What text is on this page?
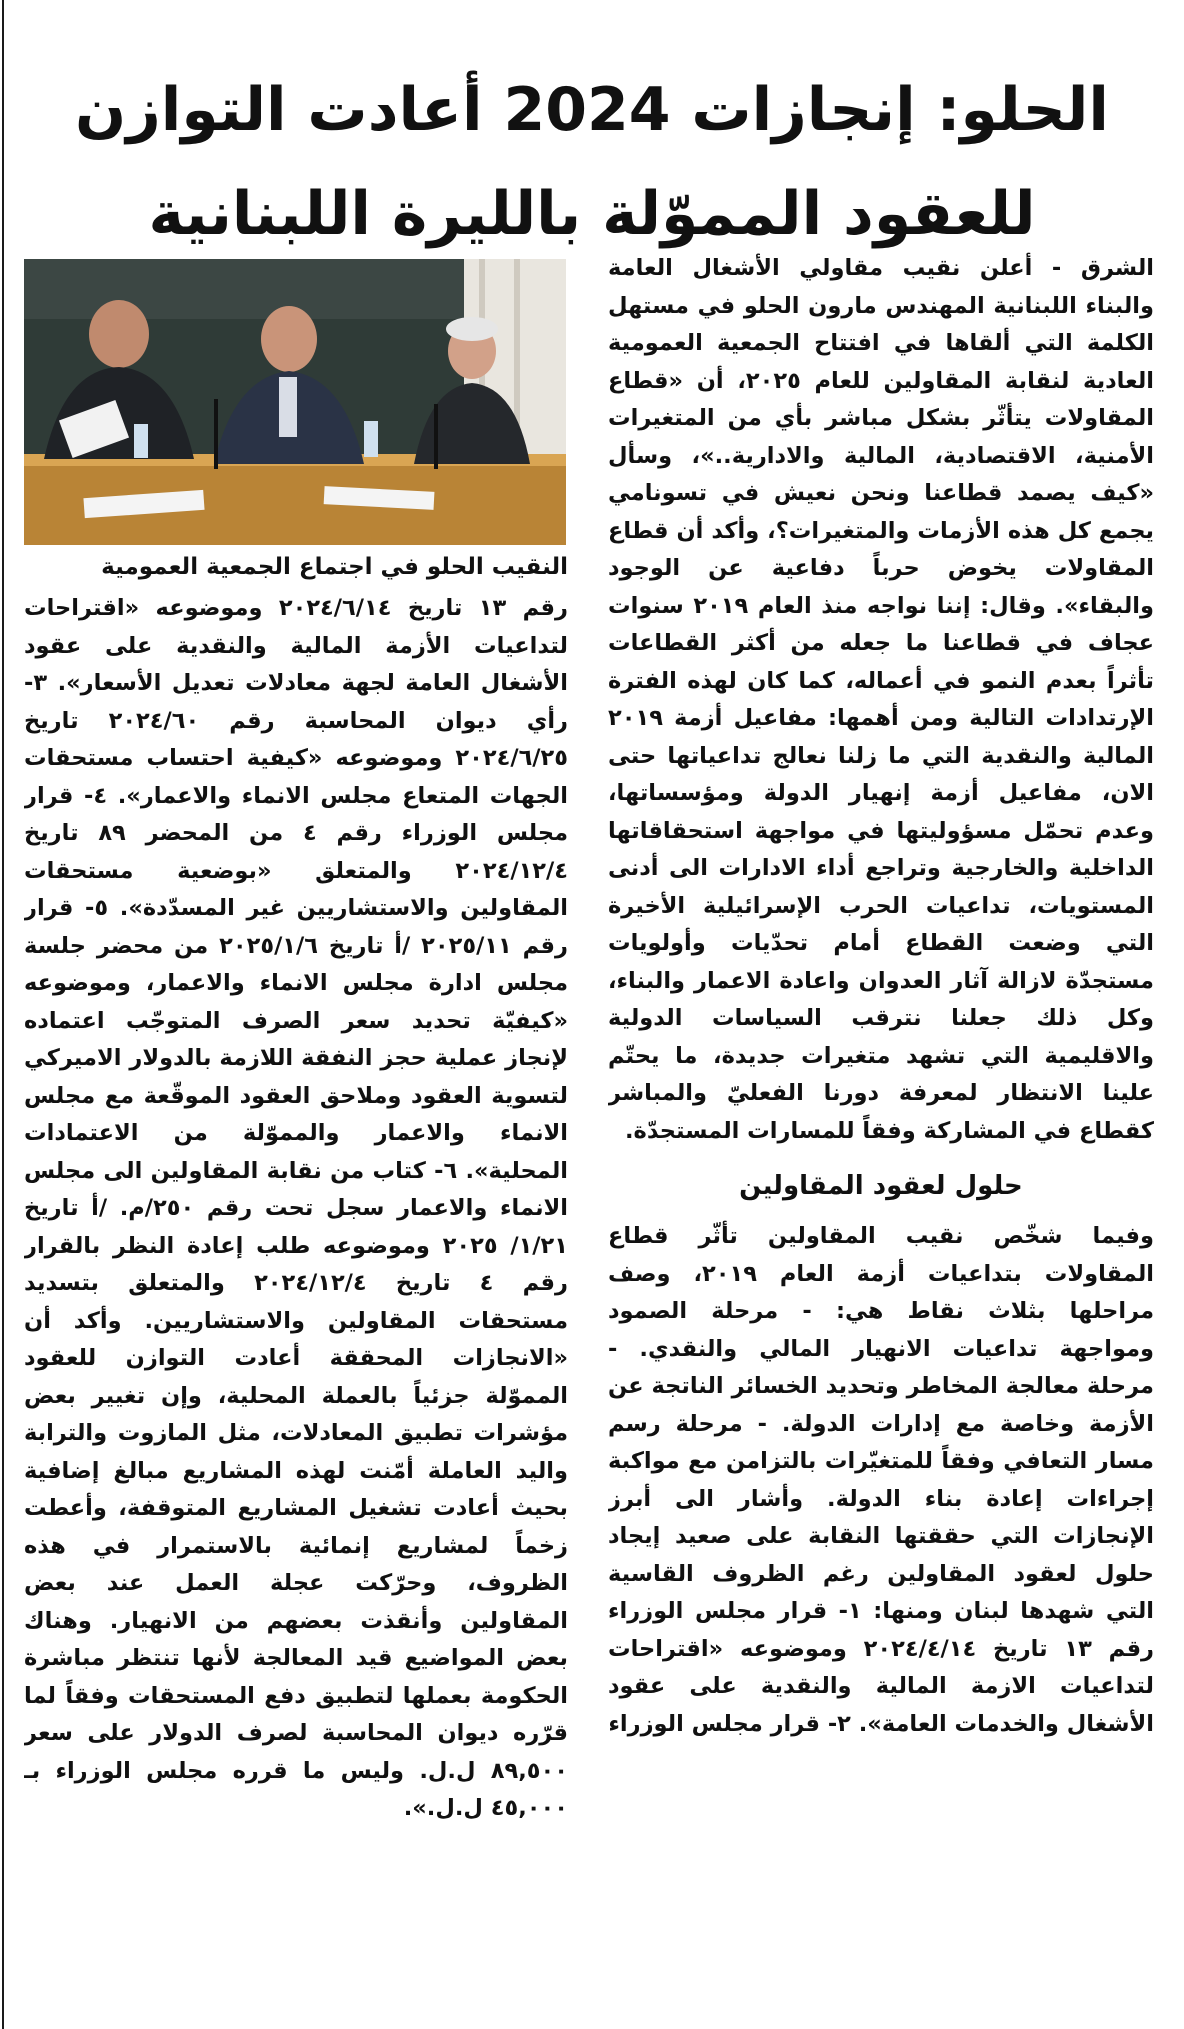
الحلو: إنجازات 2024 أعادت التوازن
للعقود المموّلة بالليرة اللبنانية

الشرق - أعلن نقيب مقاولي الأشغال العامة والبناء اللبنانية المهندس مارون الحلو في مستهل الكلمة التي ألقاها في افتتاح الجمعية العمومية العادية لنقابة المقاولين للعام ٢٠٢٥، أن «قطاع المقاولات يتأثّر بشكل مباشر بأي من المتغيرات الأمنية، الاقتصادية، المالية والادارية..»، وسأل «كيف يصمد قطاعنا ونحن نعيش في تسونامي يجمع كل هذه الأزمات والمتغيرات؟، وأكد أن قطاع المقاولات يخوض حرباً دفاعية عن الوجود والبقاء». وقال: إننا نواجه منذ العام ٢٠١٩ سنوات عجاف في قطاعنا ما جعله من أكثر القطاعات تأثراً بعدم النمو في أعماله، كما كان لهذه الفترة الإرتدادات التالية ومن أهمها: مفاعيل أزمة ٢٠١٩ المالية والنقدية التي ما زلنا نعالج تداعياتها حتى الان، مفاعيل أزمة إنهيار الدولة ومؤسساتها، وعدم تحمّل مسؤوليتها في مواجهة استحقاقاتها الداخلية والخارجية وتراجع أداء الادارات الى أدنى المستويات، تداعيات الحرب الإسرائيلية الأخيرة التي وضعت القطاع أمام تحدّيات وأولويات مستجدّة لازالة آثار العدوان واعادة الاعمار والبناء، وكل ذلك جعلنا نترقب السياسات الدولية والاقليمية التي تشهد متغيرات جديدة، ما يحتّم علينا الانتظار لمعرفة دورنا الفعليّ والمباشر كقطاع في المشاركة وفقاً للمسارات المستجدّة.

حلول لعقود المقاولين

وفيما شخّص نقيب المقاولين تأثّر قطاع المقاولات بتداعيات أزمة العام ٢٠١٩، وصف مراحلها بثلاث نقاط هي: - مرحلة الصمود ومواجهة تداعيات الانهيار المالي والنقدي. - مرحلة معالجة المخاطر وتحديد الخسائر الناتجة عن الأزمة وخاصة مع إدارات الدولة. - مرحلة رسم مسار التعافي وفقاً للمتغيّرات بالتزامن مع مواكبة إجراءات إعادة بناء الدولة. وأشار الى أبرز الإنجازات التي حققتها النقابة على صعيد إيجاد حلول لعقود المقاولين رغم الظروف القاسية التي شهدها لبنان ومنها: ١- قرار مجلس الوزراء رقم ١٣ تاريخ ٢٠٢٤/٤/١٤ وموضوعه «اقتراحات لتداعيات الازمة المالية والنقدية على عقود الأشغال والخدمات العامة». ٢- قرار مجلس الوزراء

النقيب الحلو في اجتماع الجمعية العمومية

رقم ١٣ تاريخ ٢٠٢٤/٦/١٤ وموضوعه «اقتراحات لتداعيات الأزمة المالية والنقدية على عقود الأشغال العامة لجهة معادلات تعديل الأسعار». ٣- رأي ديوان المحاسبة رقم ٢٠٢٤/٦٠ تاريخ ٢٠٢٤/٦/٢٥ وموضوعه «كيفية احتساب مستحقات الجهات المتعاع مجلس الانماء والاعمار». ٤- قرار مجلس الوزراء رقم ٤ من المحضر ٨٩ تاريخ ٢٠٢٤/١٢/٤ والمتعلق «بوضعية مستحقات المقاولين والاستشاريين غير المسدّدة». ٥- قرار رقم ٢٠٢٥/١١ /أ تاريخ ٢٠٢٥/١/٦ من محضر جلسة مجلس ادارة مجلس الانماء والاعمار، وموضوعه «كيفيّة تحديد سعر الصرف المتوجّب اعتماده لإنجاز عملية حجز النفقة اللازمة بالدولار الاميركي لتسوية العقود وملاحق العقود الموقّعة مع مجلس الانماء والاعمار والمموّلة من الاعتمادات المحلية». ٦- كتاب من نقابة المقاولين الى مجلس الانماء والاعمار سجل تحت رقم ٢٥٠/م. /أ تاريخ ١/٢١/ ٢٠٢٥ وموضوعه طلب إعادة النظر بالقرار رقم ٤ تاريخ ٢٠٢٤/١٢/٤ والمتعلق بتسديد مستحقات المقاولين والاستشاريين. وأكد أن «الانجازات المحققة أعادت التوازن للعقود المموّلة جزئياً بالعملة المحلية، وإن تغيير بعض مؤشرات تطبيق المعادلات، مثل المازوت والترابة واليد العاملة أمّنت لهذه المشاريع مبالغ إضافية بحيث أعادت تشغيل المشاريع المتوقفة، وأعطت زخماً لمشاريع إنمائية بالاستمرار في هذه الظروف، وحرّكت عجلة العمل عند بعض المقاولين وأنقذت بعضهم من الانهيار. وهناك بعض المواضيع قيد المعالجة لأنها تنتظر مباشرة الحكومة بعملها لتطبيق دفع المستحقات وفقاً لما قرّره ديوان المحاسبة لصرف الدولار على سعر ٨٩,٥٠٠ ل.ل. وليس ما قرره مجلس الوزراء بـ ٤٥,٠٠٠ ل.ل.».
